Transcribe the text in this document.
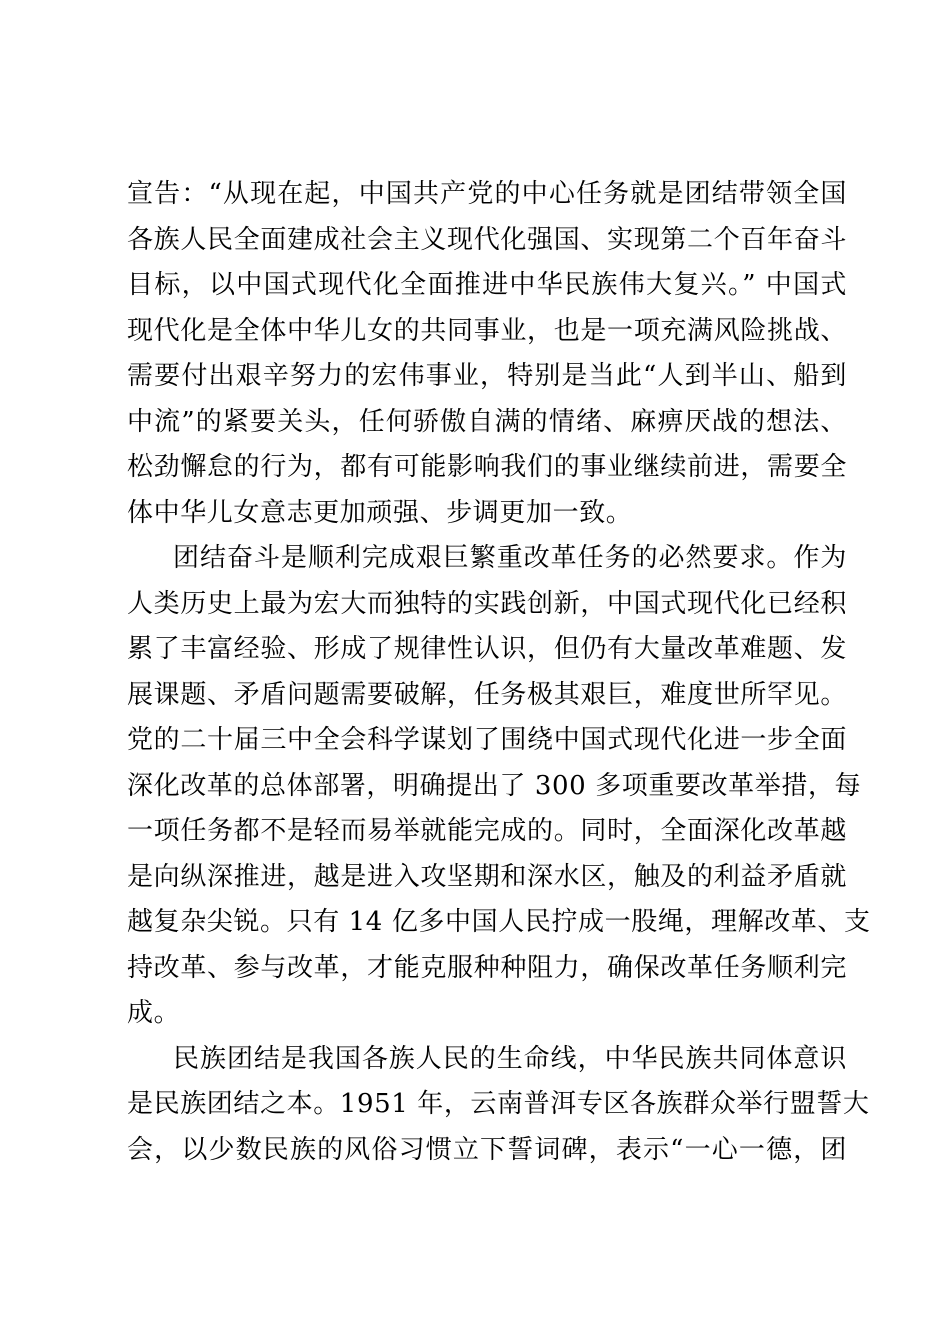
宣告：“从现在起，中国共产党的中心任务就是团结带领全国
各族人民全面建成社会主义现代化强国、实现第二个百年奋斗
目标，以中国式现代化全面推进中华民族伟大复兴。” 中国式
现代化是全体中华儿女的共同事业，也是一项充满风险挑战、
需要付出艰辛努力的宏伟事业，特别是当此“人到半山、船到
中流”的紧要关头，任何骄傲自满的情绪、麻痹厌战的想法、
松劲懈怠的行为，都有可能影响我们的事业继续前进，需要全
体中华儿女意志更加顽强、步调更加一致。
团结奋斗是顺利完成艰巨繁重改革任务的必然要求。作为
人类历史上最为宏大而独特的实践创新，中国式现代化已经积
累了丰富经验、形成了规律性认识，但仍有大量改革难题、发
展课题、矛盾问题需要破解，任务极其艰巨，难度世所罕见。
党的二十届三中全会科学谋划了围绕中国式现代化进一步全面
深化改革的总体部署，明确提出了 300 多项重要改革举措，每
一项任务都不是轻而易举就能完成的。同时，全面深化改革越
是向纵深推进，越是进入攻坚期和深水区，触及的利益矛盾就
越复杂尖锐。只有 14 亿多中国人民拧成一股绳，理解改革、支
持改革、参与改革，才能克服种种阻力，确保改革任务顺利完
成。
民族团结是我国各族人民的生命线，中华民族共同体意识
是民族团结之本。1951 年，云南普洱专区各族群众举行盟誓大
会，以少数民族的风俗习惯立下誓词碑，表示“一心一德，团
